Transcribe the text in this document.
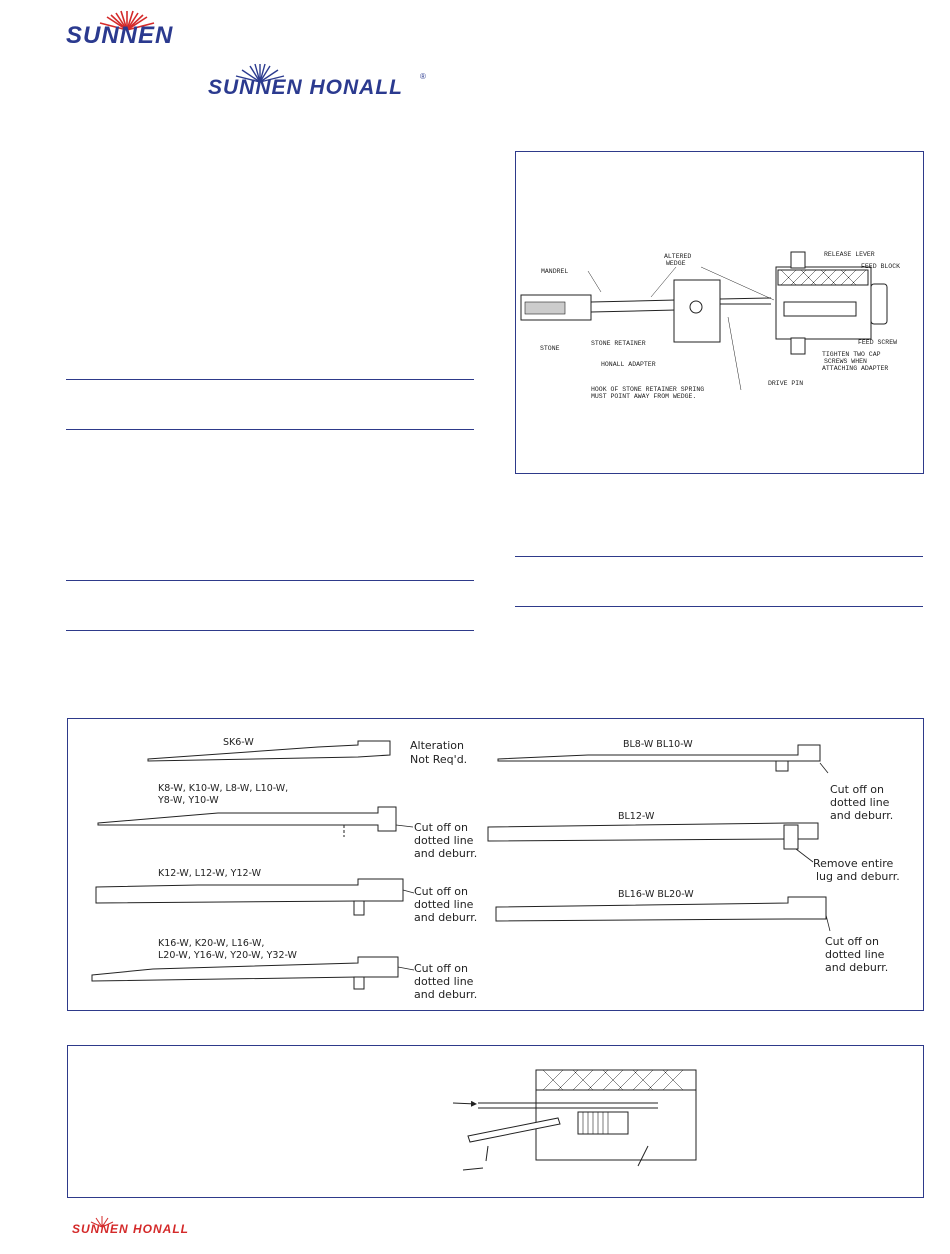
SUNNEN
SUNNEN HONALL ®
MANDREL
ALTERED
WEDGE
STONE
STONE RETAINER
HONALL ADAPTER
HOOK OF STONE RETAINER SPRING
MUST POINT AWAY FROM WEDGE.
DRIVE PIN
RELEASE LEVER
FEED BLOCK
FEED SCREW
TIGHTEN TWO CAP
SCREWS WHEN
ATTACHING ADAPTER
SK6-W	Alteration
Not Req'd.
K8-W, K10-W, L8-W, L10-W,
Y8-W, Y10-W
Cut off on
dotted line
and deburr.
K12-W, L12-W, Y12-W
Cut off on
dotted line
and deburr.
K16-W, K20-W, L16-W,
L20-W, Y16-W, Y20-W, Y32-W
Cut off on
dotted line
and deburr.
BL8-W BL10-W
Cut off on
dotted line
and deburr.
BL12-W
Remove entire
lug and deburr.
BL16-W BL20-W
Cut off on
dotted line
and deburr.
SUNNEN HONALL
